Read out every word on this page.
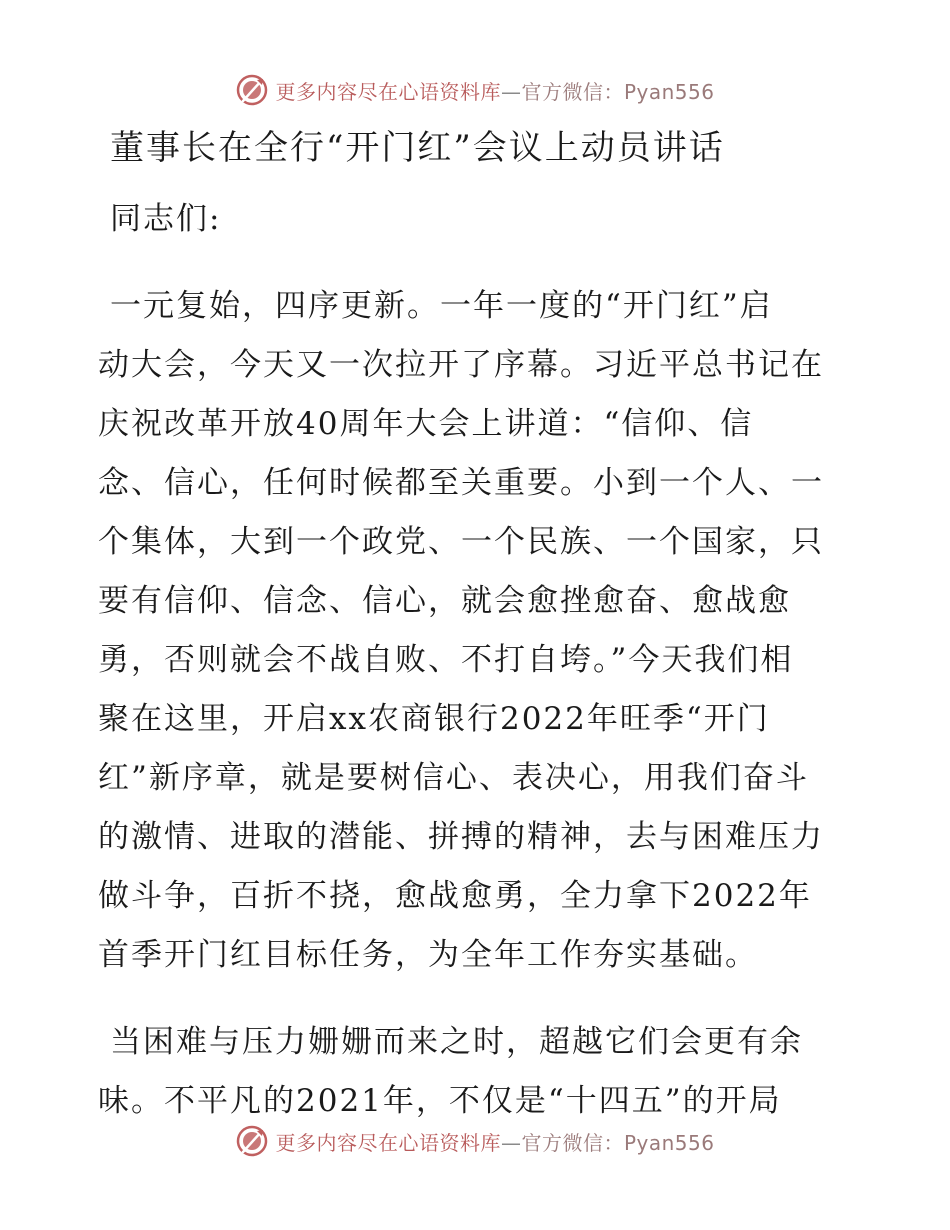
更多内容尽在心语资料库—官方微信：Pyan556
董事长在全行“开门红”会议上动员讲话
同志们:

一元复始，四序更新。一年一度的“开门红”启
动大会，今天又一次拉开了序幕。习近平总书记在
庆祝改革开放40周年大会上讲道：“信仰、信
念、信心，任何时候都至关重要。小到一个人、一
个集体，大到一个政党、一个民族、一个国家，只
要有信仰、信念、信心，就会愈挫愈奋、愈战愈
勇，否则就会不战自败、不打自垮。”今天我们相
聚在这里，开启xx农商银行2022年旺季“开门
红”新序章，就是要树信心、表决心，用我们奋斗
的激情、进取的潜能、拼搏的精神，去与困难压力
做斗争，百折不挠，愈战愈勇，全力拿下2022年
首季开门红目标任务，为全年工作夯实基础。

当困难与压力姗姗而来之时，超越它们会更有余
味。不平凡的2021年，不仅是“十四五”的开局

更多内容尽在心语资料库—官方微信：Pyan556
